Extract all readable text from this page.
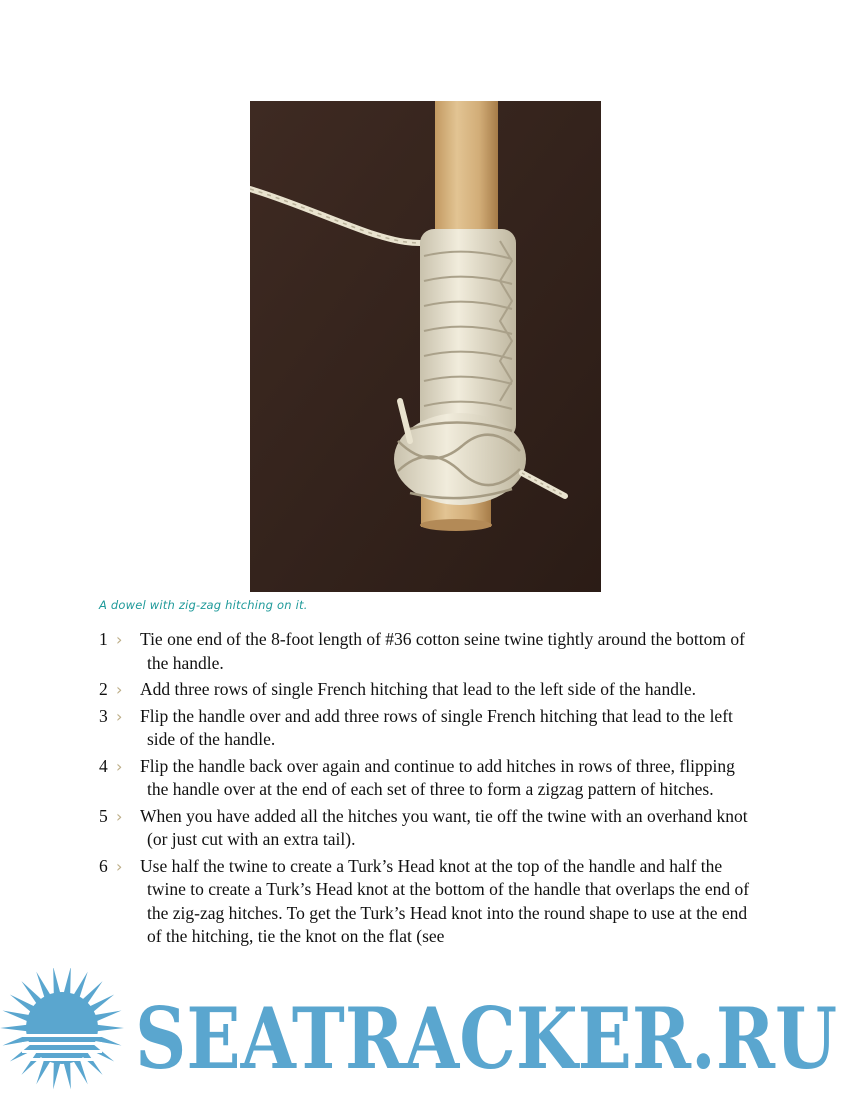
A dowel with zig-zag hitching on it.
1 › Tie one end of the 8-foot length of #36 cotton seine twine tightly around the bottom of the handle.
2 › Add three rows of single French hitching that lead to the left side of the handle.
3 › Flip the handle over and add three rows of single French hitching that lead to the left side of the handle.
4 › Flip the handle back over again and continue to add hitches in rows of three, flipping the handle over at the end of each set of three to form a zigzag pattern of hitches.
5 › When you have added all the hitches you want, tie off the twine with an overhand knot (or just cut with an extra tail).
6 › Use half the twine to create a Turk’s Head knot at the top of the handle and half the twine to create a Turk’s Head knot at the bottom of the handle that overlaps the end of the zig-zag hitches. To get the Turk’s Head knot into the round shape to use at the end of the hitching, tie the knot on the flat (see
SEATRACKER.RU
